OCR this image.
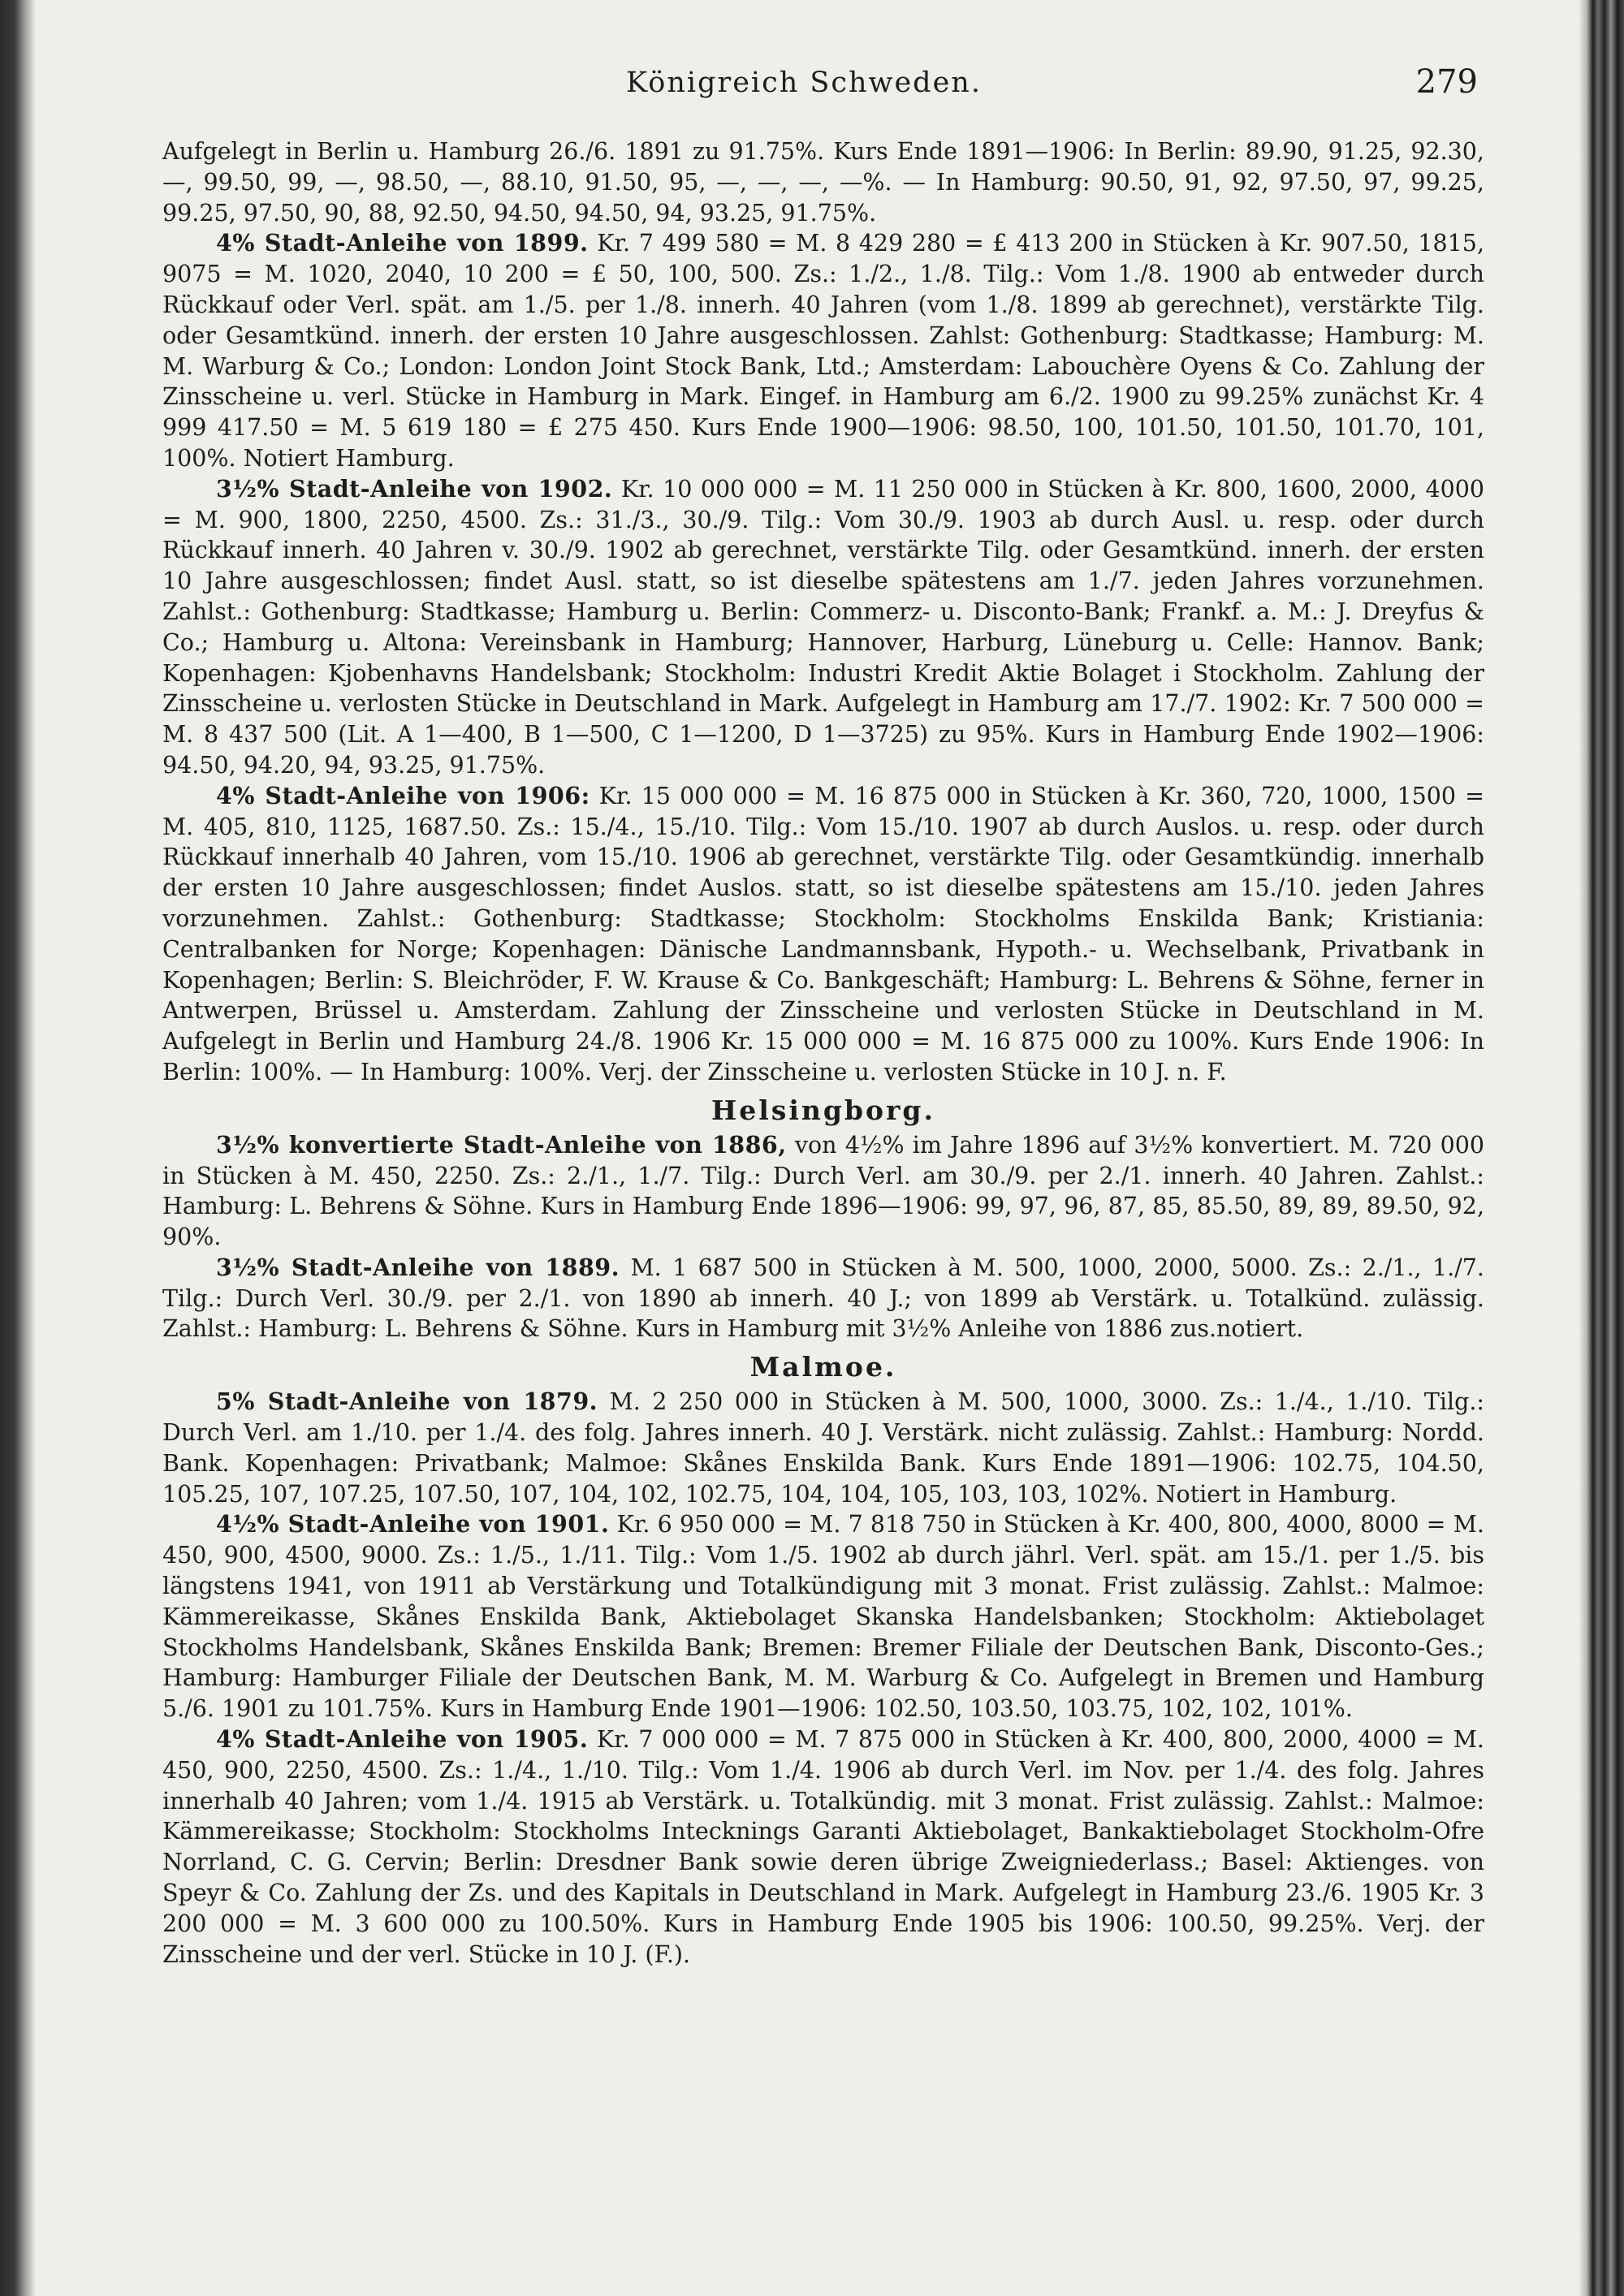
Königreich Schweden.	279

Aufgelegt in Berlin u. Hamburg 26./6. 1891 zu 91.75%. Kurs Ende 1891—1906: In Berlin: 89.90, 91.25, 92.30, —, 99.50, 99, —, 98.50, —, 88.10, 91.50, 95, —, —, —, —%. — In Hamburg: 90.50, 91, 92, 97.50, 97, 99.25, 99.25, 97.50, 90, 88, 92.50, 94.50, 94.50, 94, 93.25, 91.75%.

4% Stadt-Anleihe von 1899. Kr. 7 499 580 = M. 8 429 280 = £ 413 200 in Stücken à Kr. 907.50, 1815, 9075 = M. 1020, 2040, 10 200 = £ 50, 100, 500. Zs.: 1./2., 1./8. Tilg.: Vom 1./8. 1900 ab entweder durch Rückkauf oder Verl. spät. am 1./5. per 1./8. innerh. 40 Jahren (vom 1./8. 1899 ab gerechnet), verstärkte Tilg. oder Gesamtkünd. innerh. der ersten 10 Jahre ausgeschlossen. Zahlst: Gothenburg: Stadtkasse; Hamburg: M. M. Warburg & Co.; London: London Joint Stock Bank, Ltd.; Amsterdam: Labouchère Oyens & Co. Zahlung der Zinsscheine u. verl. Stücke in Hamburg in Mark. Eingef. in Hamburg am 6./2. 1900 zu 99.25% zunächst Kr. 4 999 417.50 = M. 5 619 180 = £ 275 450. Kurs Ende 1900—1906: 98.50, 100, 101.50, 101.50, 101.70, 101, 100%. Notiert Hamburg.

3½% Stadt-Anleihe von 1902. Kr. 10 000 000 = M. 11 250 000 in Stücken à Kr. 800, 1600, 2000, 4000 = M. 900, 1800, 2250, 4500. Zs.: 31./3., 30./9. Tilg.: Vom 30./9. 1903 ab durch Ausl. u. resp. oder durch Rückkauf innerh. 40 Jahren v. 30./9. 1902 ab gerechnet, verstärkte Tilg. oder Gesamtkünd. innerh. der ersten 10 Jahre ausgeschlossen; findet Ausl. statt, so ist dieselbe spätestens am 1./7. jeden Jahres vorzunehmen. Zahlst.: Gothenburg: Stadtkasse; Hamburg u. Berlin: Commerz- u. Disconto-Bank; Frankf. a. M.: J. Dreyfus & Co.; Hamburg u. Altona: Vereinsbank in Hamburg; Hannover, Harburg, Lüneburg u. Celle: Hannov. Bank; Kopenhagen: Kjobenhavns Handelsbank; Stockholm: Industri Kredit Aktie Bolaget i Stockholm. Zahlung der Zinsscheine u. verlosten Stücke in Deutschland in Mark. Aufgelegt in Hamburg am 17./7. 1902: Kr. 7 500 000 = M. 8 437 500 (Lit. A 1—400, B 1—500, C 1—1200, D 1—3725) zu 95%. Kurs in Hamburg Ende 1902—1906: 94.50, 94.20, 94, 93.25, 91.75%.

4% Stadt-Anleihe von 1906: Kr. 15 000 000 = M. 16 875 000 in Stücken à Kr. 360, 720, 1000, 1500 = M. 405, 810, 1125, 1687.50. Zs.: 15./4., 15./10. Tilg.: Vom 15./10. 1907 ab durch Auslos. u. resp. oder durch Rückkauf innerhalb 40 Jahren, vom 15./10. 1906 ab gerechnet, verstärkte Tilg. oder Gesamtkündig. innerhalb der ersten 10 Jahre ausgeschlossen; findet Auslos. statt, so ist dieselbe spätestens am 15./10. jeden Jahres vorzunehmen. Zahlst.: Gothenburg: Stadtkasse; Stockholm: Stockholms Enskilda Bank; Kristiania: Centralbanken for Norge; Kopenhagen: Dänische Landmannsbank, Hypoth.- u. Wechselbank, Privatbank in Kopenhagen; Berlin: S. Bleichröder, F. W. Krause & Co. Bankgeschäft; Hamburg: L. Behrens & Söhne, ferner in Antwerpen, Brüssel u. Amsterdam. Zahlung der Zinsscheine und verlosten Stücke in Deutschland in M. Aufgelegt in Berlin und Hamburg 24./8. 1906 Kr. 15 000 000 = M. 16 875 000 zu 100%. Kurs Ende 1906: In Berlin: 100%. — In Hamburg: 100%. Verj. der Zinsscheine u. verlosten Stücke in 10 J. n. F.

Helsingborg.

3½% konvertierte Stadt-Anleihe von 1886, von 4½% im Jahre 1896 auf 3½% konvertiert. M. 720 000 in Stücken à M. 450, 2250. Zs.: 2./1., 1./7. Tilg.: Durch Verl. am 30./9. per 2./1. innerh. 40 Jahren. Zahlst.: Hamburg: L. Behrens & Söhne. Kurs in Hamburg Ende 1896—1906: 99, 97, 96, 87, 85, 85.50, 89, 89, 89.50, 92, 90%.

3½% Stadt-Anleihe von 1889. M. 1 687 500 in Stücken à M. 500, 1000, 2000, 5000. Zs.: 2./1., 1./7. Tilg.: Durch Verl. 30./9. per 2./1. von 1890 ab innerh. 40 J.; von 1899 ab Verstärk. u. Totalkünd. zulässig. Zahlst.: Hamburg: L. Behrens & Söhne. Kurs in Hamburg mit 3½% Anleihe von 1886 zus.notiert.

Malmoe.

5% Stadt-Anleihe von 1879. M. 2 250 000 in Stücken à M. 500, 1000, 3000. Zs.: 1./4., 1./10. Tilg.: Durch Verl. am 1./10. per 1./4. des folg. Jahres innerh. 40 J. Verstärk. nicht zulässig. Zahlst.: Hamburg: Nordd. Bank. Kopenhagen: Privatbank; Malmoe: Skånes Enskilda Bank. Kurs Ende 1891—1906: 102.75, 104.50, 105.25, 107, 107.25, 107.50, 107, 104, 102, 102.75, 104, 104, 105, 103, 103, 102%. Notiert in Hamburg.

4½% Stadt-Anleihe von 1901. Kr. 6 950 000 = M. 7 818 750 in Stücken à Kr. 400, 800, 4000, 8000 = M. 450, 900, 4500, 9000. Zs.: 1./5., 1./11. Tilg.: Vom 1./5. 1902 ab durch jährl. Verl. spät. am 15./1. per 1./5. bis längstens 1941, von 1911 ab Verstärkung und Totalkündigung mit 3 monat. Frist zulässig. Zahlst.: Malmoe: Kämmereikasse, Skånes Enskilda Bank, Aktiebolaget Skanska Handelsbanken; Stockholm: Aktiebolaget Stockholms Handelsbank, Skånes Enskilda Bank; Bremen: Bremer Filiale der Deutschen Bank, Disconto-Ges.; Hamburg: Hamburger Filiale der Deutschen Bank, M. M. Warburg & Co. Aufgelegt in Bremen und Hamburg 5./6. 1901 zu 101.75%. Kurs in Hamburg Ende 1901—1906: 102.50, 103.50, 103.75, 102, 102, 101%.

4% Stadt-Anleihe von 1905. Kr. 7 000 000 = M. 7 875 000 in Stücken à Kr. 400, 800, 2000, 4000 = M. 450, 900, 2250, 4500. Zs.: 1./4., 1./10. Tilg.: Vom 1./4. 1906 ab durch Verl. im Nov. per 1./4. des folg. Jahres innerhalb 40 Jahren; vom 1./4. 1915 ab Verstärk. u. Totalkündig. mit 3 monat. Frist zulässig. Zahlst.: Malmoe: Kämmereikasse; Stockholm: Stockholms Intecknings Garanti Aktiebolaget, Bankaktiebolaget Stockholm-Ofre Norrland, C. G. Cervin; Berlin: Dresdner Bank sowie deren übrige Zweigniederlass.; Basel: Aktienges. von Speyr & Co. Zahlung der Zs. und des Kapitals in Deutschland in Mark. Aufgelegt in Hamburg 23./6. 1905 Kr. 3 200 000 = M. 3 600 000 zu 100.50%. Kurs in Hamburg Ende 1905 bis 1906: 100.50, 99.25%. Verj. der Zinsscheine und der verl. Stücke in 10 J. (F.).
